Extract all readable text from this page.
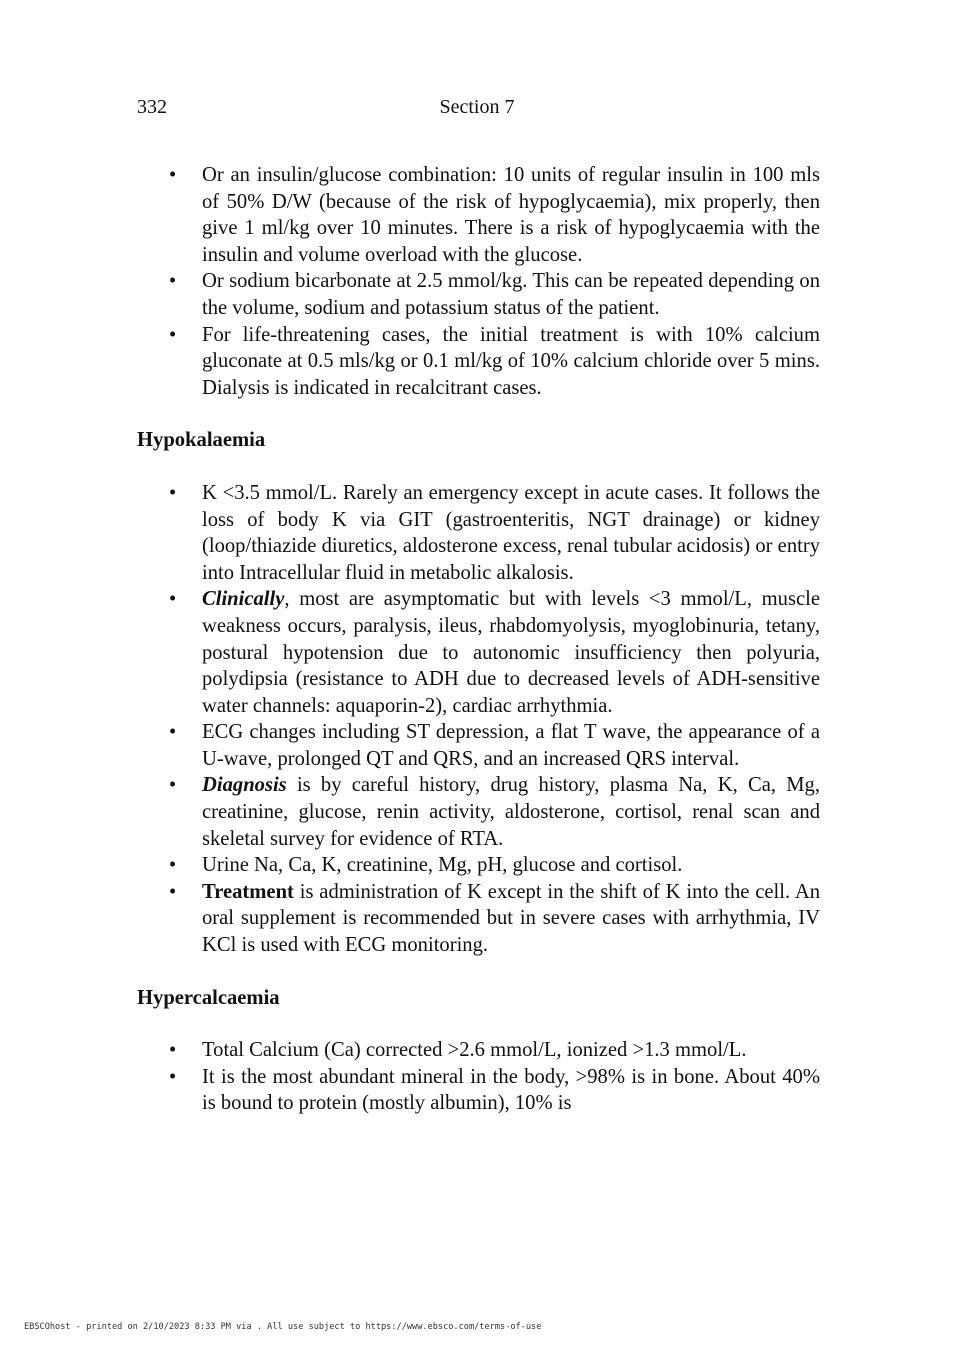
332	Section 7
• Or an insulin/glucose combination: 10 units of regular insulin in 100 mls of 50% D/W (because of the risk of hypoglycaemia), mix properly, then give 1 ml/kg over 10 minutes. There is a risk of hypoglycaemia with the insulin and volume overload with the glucose.
• Or sodium bicarbonate at 2.5 mmol/kg. This can be repeated depending on the volume, sodium and potassium status of the patient.
• For life-threatening cases, the initial treatment is with 10% calcium gluconate at 0.5 mls/kg or 0.1 ml/kg of 10% calcium chloride over 5 mins. Dialysis is indicated in recalcitrant cases.
Hypokalaemia
• K <3.5 mmol/L. Rarely an emergency except in acute cases. It follows the loss of body K via GIT (gastroenteritis, NGT drainage) or kidney (loop/thiazide diuretics, aldosterone excess, renal tubular acidosis) or entry into Intracellular fluid in metabolic alkalosis.
• Clinically, most are asymptomatic but with levels <3 mmol/L, muscle weakness occurs, paralysis, ileus, rhabdomyolysis, myoglobinuria, tetany, postural hypotension due to autonomic insufficiency then polyuria, polydipsia (resistance to ADH due to decreased levels of ADH-sensitive water channels: aquaporin-2), cardiac arrhythmia.
• ECG changes including ST depression, a flat T wave, the appearance of a U-wave, prolonged QT and QRS, and an increased QRS interval.
• Diagnosis is by careful history, drug history, plasma Na, K, Ca, Mg, creatinine, glucose, renin activity, aldosterone, cortisol, renal scan and skeletal survey for evidence of RTA.
• Urine Na, Ca, K, creatinine, Mg, pH, glucose and cortisol.
• Treatment is administration of K except in the shift of K into the cell. An oral supplement is recommended but in severe cases with arrhythmia, IV KCl is used with ECG monitoring.
Hypercalcaemia
• Total Calcium (Ca) corrected >2.6 mmol/L, ionized >1.3 mmol/L.
• It is the most abundant mineral in the body, >98% is in bone. About 40% is bound to protein (mostly albumin), 10% is
EBSCOhost - printed on 2/10/2023 8:33 PM via . All use subject to https://www.ebsco.com/terms-of-use
